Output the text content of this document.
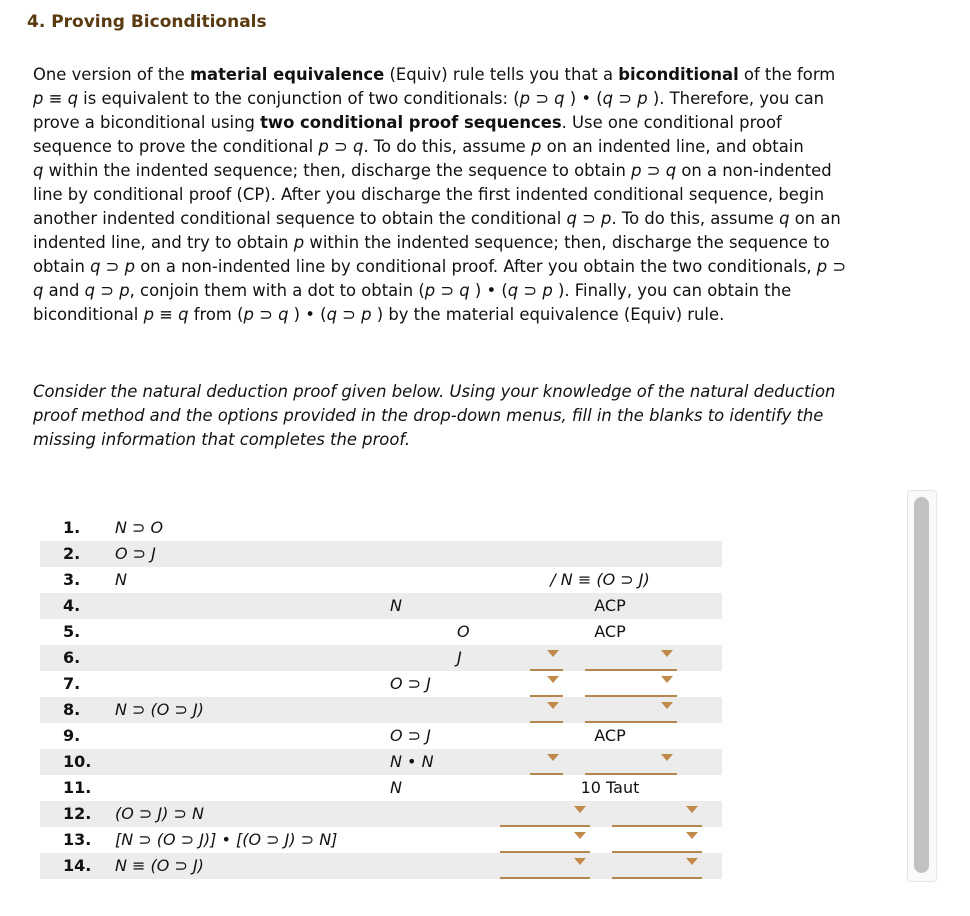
4. Proving Biconditionals
One version of the material equivalence (Equiv) rule tells you that a biconditional of the form
p ≡ q is equivalent to the conjunction of two conditionals: (p ⊃ q ) • (q ⊃ p ). Therefore, you can
prove a biconditional using two conditional proof sequences. Use one conditional proof
sequence to prove the conditional p ⊃ q. To do this, assume p on an indented line, and obtain
q within the indented sequence; then, discharge the sequence to obtain p ⊃ q on a non-indented
line by conditional proof (CP). After you discharge the first indented conditional sequence, begin
another indented conditional sequence to obtain the conditional q ⊃ p. To do this, assume q on an
indented line, and try to obtain p within the indented sequence; then, discharge the sequence to
obtain q ⊃ p on a non-indented line by conditional proof. After you obtain the two conditionals, p ⊃
q and q ⊃ p, conjoin them with a dot to obtain (p ⊃ q ) • (q ⊃ p ). Finally, you can obtain the
biconditional p ≡ q from (p ⊃ q ) • (q ⊃ p ) by the material equivalence (Equiv) rule.
Consider the natural deduction proof given below. Using your knowledge of the natural deduction
proof method and the options provided in the drop-down menus, fill in the blanks to identify the
missing information that completes the proof.
1. N ⊃ O
2. O ⊃ J
3. N	/ N ≡ (O ⊃ J)
4.	N	ACP
5.	O	ACP
6.	J
7.	O ⊃ J
8. N ⊃ (O ⊃ J)
9.	O ⊃ J	ACP
10.	N • N
11.	N	10 Taut
12. (O ⊃ J) ⊃ N
13. [N ⊃ (O ⊃ J)] • [(O ⊃ J) ⊃ N]
14. N ≡ (O ⊃ J)
